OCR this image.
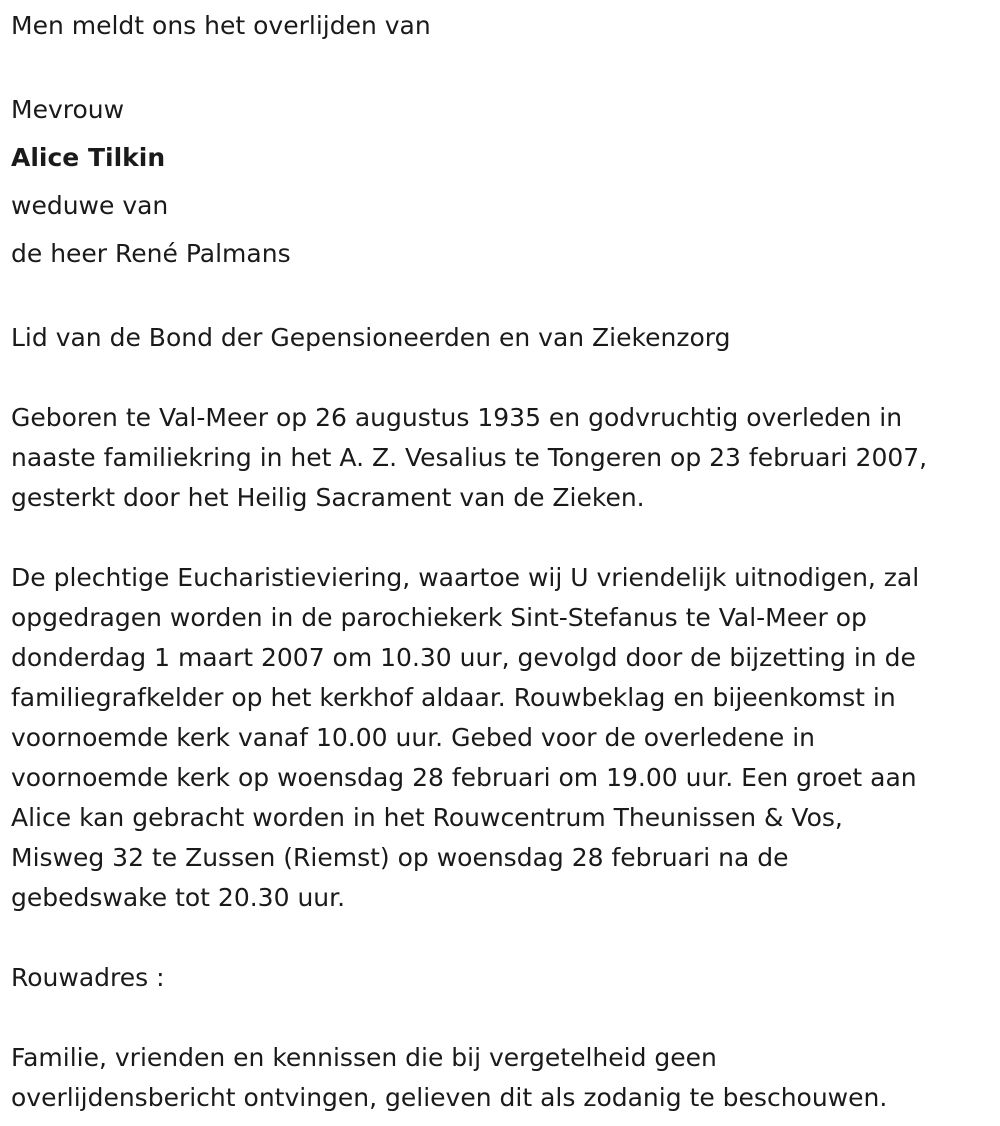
Men meldt ons het overlijden van
Mevrouw
Alice Tilkin
weduwe van
de heer René Palmans
Lid van de Bond der Gepensioneerden en van Ziekenzorg
Geboren te Val-Meer op 26 augustus 1935 en godvruchtig overleden in
naaste familiekring in het A. Z. Vesalius te Tongeren op 23 februari 2007,
gesterkt door het Heilig Sacrament van de Zieken.
De plechtige Eucharistieviering, waartoe wij U vriendelijk uitnodigen, zal
opgedragen worden in de parochiekerk Sint-Stefanus te Val-Meer op
donderdag 1 maart 2007 om 10.30 uur, gevolgd door de bijzetting in de
familiegrafkelder op het kerkhof aldaar. Rouwbeklag en bijeenkomst in
voornoemde kerk vanaf 10.00 uur. Gebed voor de overledene in
voornoemde kerk op woensdag 28 februari om 19.00 uur. Een groet aan
Alice kan gebracht worden in het Rouwcentrum Theunissen & Vos,
Misweg 32 te Zussen (Riemst) op woensdag 28 februari na de
gebedswake tot 20.30 uur.
Rouwadres :
Familie, vrienden en kennissen die bij vergetelheid geen
overlijdensbericht ontvingen, gelieven dit als zodanig te beschouwen.
